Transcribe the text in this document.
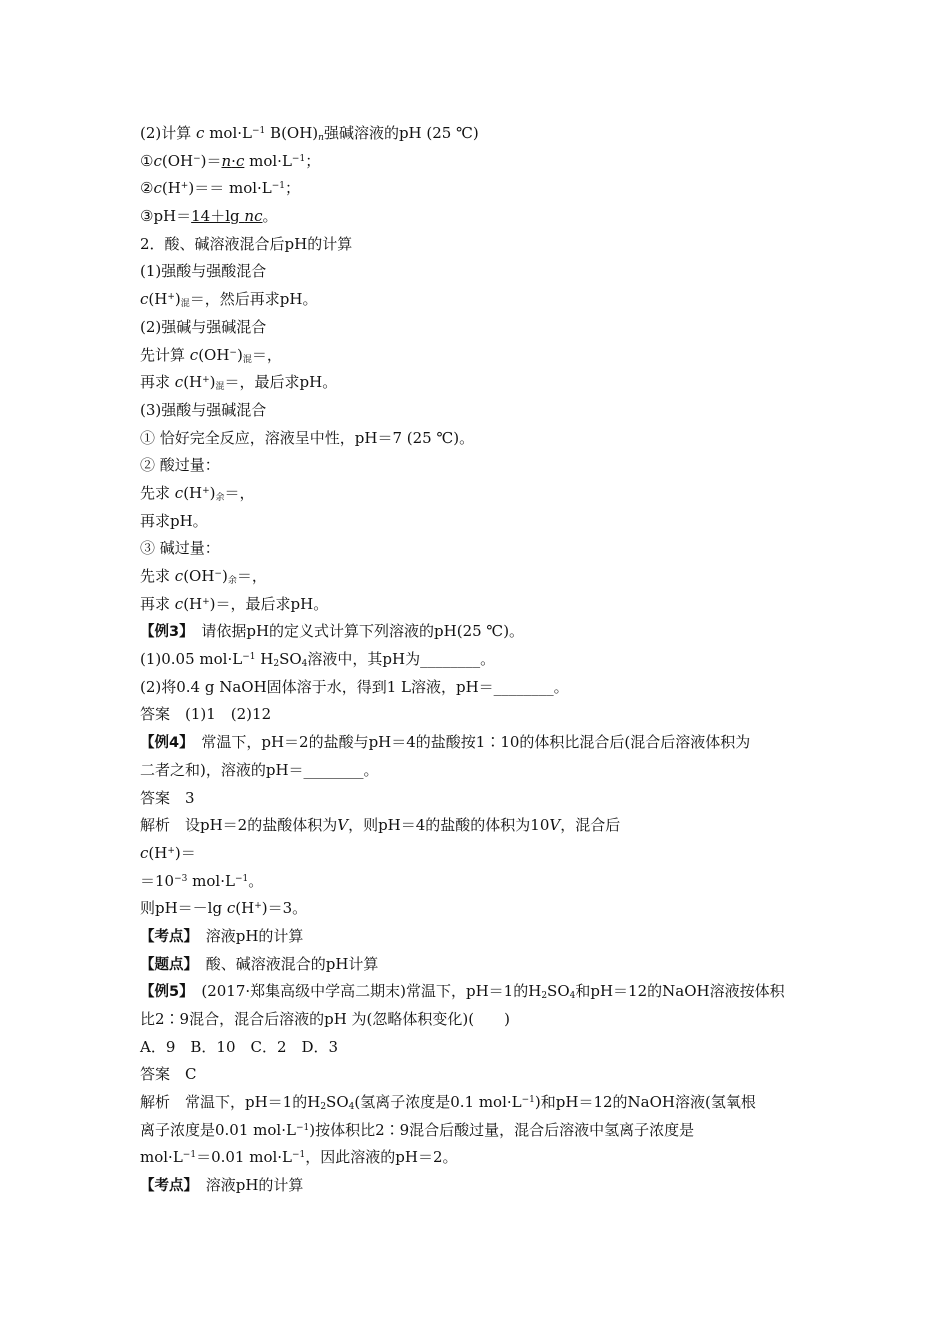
(2)计算 c $mol\cdot L^{-1}$ $B(OH)_n$强碱溶液的pH (25 ℃)
①c(OH−)＝n·c $mol\cdot L^{-1}$；
②c(H+)＝＝ $mol\cdot L^{-1}$；
③pH＝14＋lg nc。
2．酸、碱溶液混合后pH的计算
(1)强酸与强酸混合
$c(H^+)_混=$，然后再求pH。
(2)强碱与强碱混合
先计算 $c(OH^-)_混=$，
再求 $c(H^+)_混=$，最后求pH。
(3)强酸与强碱混合
① 恰好完全反应，溶液呈中性，pH＝7 (25 ℃)。
② 酸过量：
先求 $c(H^+)_余=$，
再求pH。
③ 碱过量：
先求 $c(OH^-)_余=$，
再求 c(H+)＝，最后求pH。
【例3】　请依据pH的定义式计算下列溶液的pH(25 ℃)。
(1)0.05 $mol\cdot L^{-1}$ $H_2SO_4$溶液中，其pH为________。
(2)将0.4 g NaOH固体溶于水，得到1 L溶液，pH＝________。
答案　(1)1　(2)12
【例4】　常温下，pH＝2的盐酸与pH＝4的盐酸按1∶10的体积比混合后(混合后溶液体积为
二者之和)，溶液的pH＝________。
答案　3
解析　设pH＝2的盐酸体积为V，则pH＝4的盐酸的体积为10V，混合后
c(H+)＝
$=10^{-3}$ $mol\cdot L^{-1}$。
则pH＝－lg c(H+)＝3。
【考点】　溶液pH的计算
【题点】　酸、碱溶液混合的pH计算
【例5】　(2017·郑集高级中学高二期末)常温下，pH＝1的$H_2SO_4$和pH＝12的NaOH溶液按体积
比2∶9混合，混合后溶液的pH 为(忽略体积变化)(　　)
A．9　B．10　C．2　D．3
答案　C
解析　常温下，pH＝1的$H_2SO_4$(氢离子浓度是0.1 $mol\cdot L^{-1}$)和pH＝12的NaOH溶液(氢氧根
离子浓度是0.01 $mol\cdot L^{-1}$)按体积比2∶9混合后酸过量，混合后溶液中氢离子浓度是
$mol\cdot L^{-1}=0.01$ $mol\cdot L^{-1}$，因此溶液的pH＝2。
【考点】　溶液pH的计算
